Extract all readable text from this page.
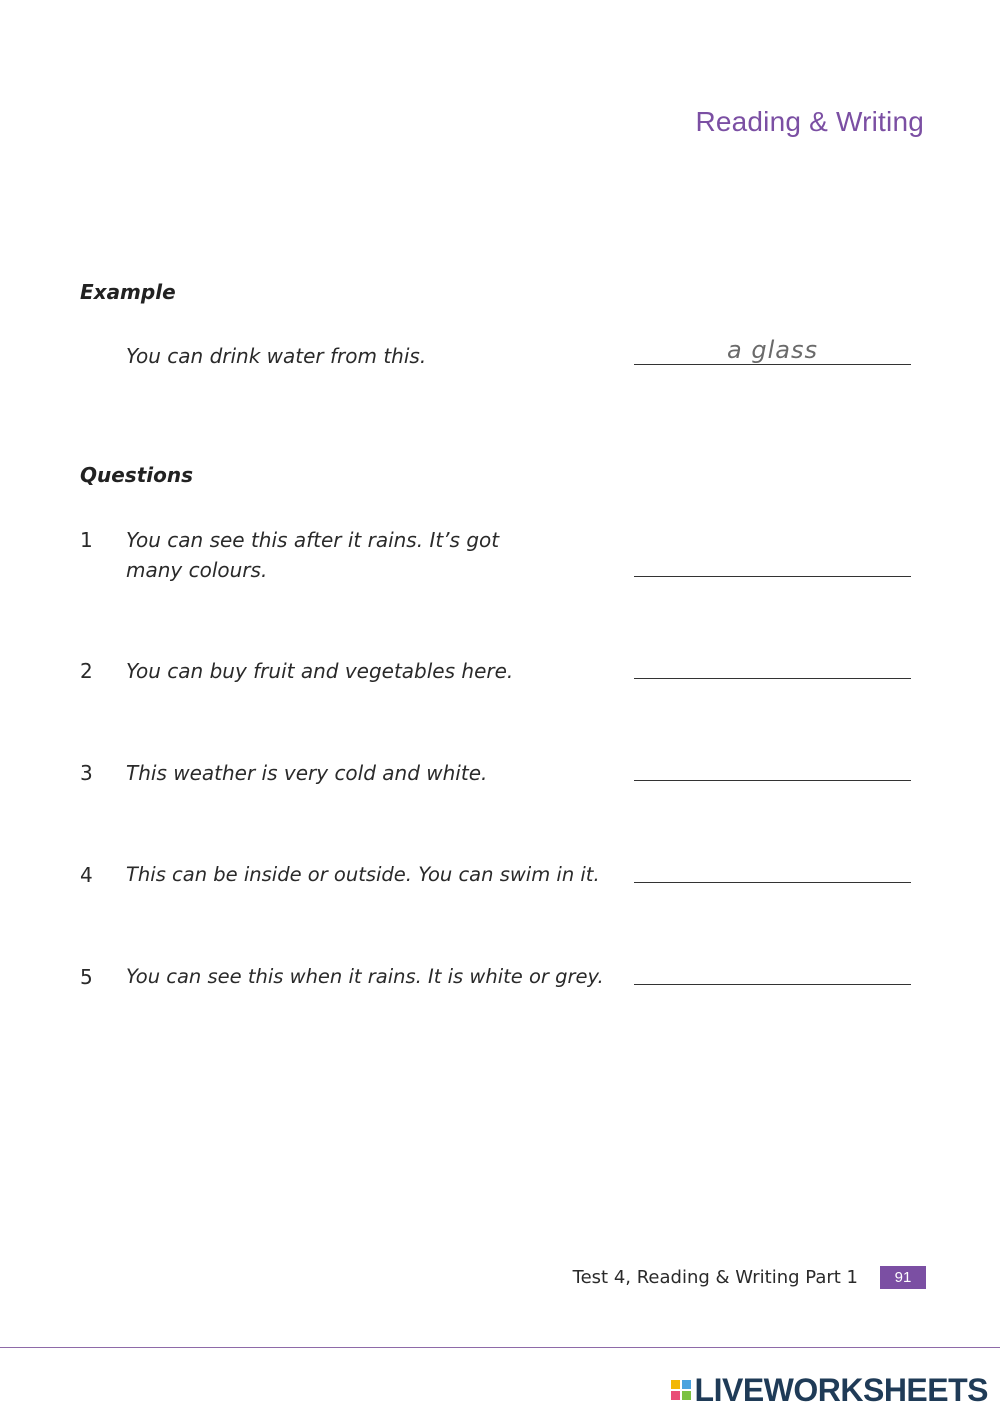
Reading & Writing
Example
You can drink water from this.	a glass
Questions
1 You can see this after it rains. It’s got many colours.
2 You can buy fruit and vegetables here.
3 This weather is very cold and white.
4 This can be inside or outside. You can swim in it.
5 You can see this when it rains. It is white or grey.
Test 4, Reading & Writing Part 1	91
LIVEWORKSHEETS
